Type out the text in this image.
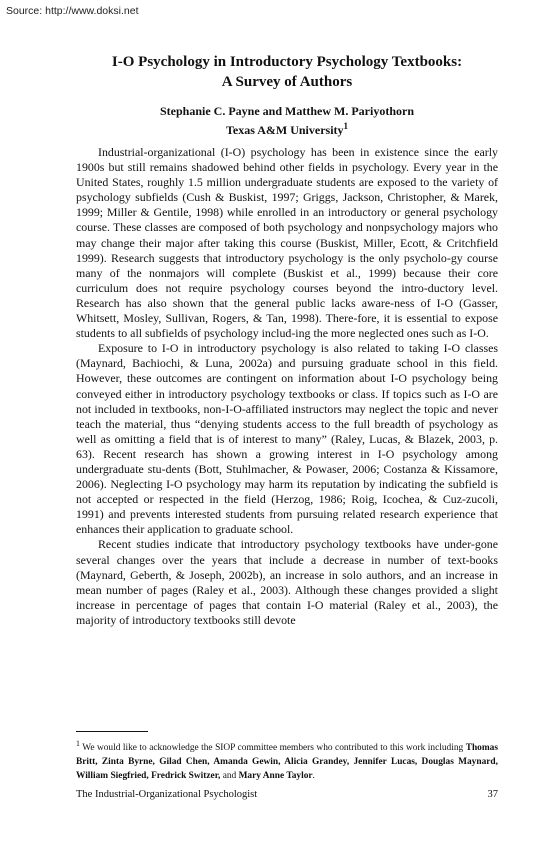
Source: http://www.doksi.net
I-O Psychology in Introductory Psychology Textbooks:
A Survey of Authors
Stephanie C. Payne and Matthew M. Pariyothorn
Texas A&M University$^1$

Industrial-organizational (I-O) psychology has been in existence since the early 1900s but still remains shadowed behind other fields in psychology. Every year in the United States, roughly 1.5 million undergraduate students are exposed to the variety of psychology subfields (Cush & Buskist, 1997; Griggs, Jackson, Christopher, & Marek, 1999; Miller & Gentile, 1998) while enrolled in an introductory or general psychology course. These classes are composed of both psychology and nonpsychology majors who may change their major after taking this course (Buskist, Miller, Ecott, & Critchfield 1999). Research suggests that introductory psychology is the only psycholo-gy course many of the nonmajors will complete (Buskist et al., 1999) because their core curriculum does not require psychology courses beyond the intro-ductory level. Research has also shown that the general public lacks aware-ness of I-O (Gasser, Whitsett, Mosley, Sullivan, Rogers, & Tan, 1998). There-fore, it is essential to expose students to all subfields of psychology includ-ing the more neglected ones such as I-O.

Exposure to I-O in introductory psychology is also related to taking I-O classes (Maynard, Bachiochi, & Luna, 2002a) and pursuing graduate school in this field. However, these outcomes are contingent on information about I-O psychology being conveyed either in introductory psychology textbooks or class. If topics such as I-O are not included in textbooks, non-I-O-affiliated instructors may neglect the topic and never teach the material, thus “denying students access to the full breadth of psychology as well as omitting a field that is of interest to many” (Raley, Lucas, & Blazek, 2003, p. 63). Recent research has shown a growing interest in I-O psychology among undergraduate stu-dents (Bott, Stuhlmacher, & Powaser, 2006; Costanza & Kissamore, 2006). Neglecting I-O psychology may harm its reputation by indicating the subfield is not accepted or respected in the field (Herzog, 1986; Roig, Icochea, & Cuz-zucoli, 1991) and prevents interested students from pursuing related research experience that enhances their application to graduate school.

Recent studies indicate that introductory psychology textbooks have under-gone several changes over the years that include a decrease in number of text-books (Maynard, Geberth, & Joseph, 2002b), an increase in solo authors, and an increase in mean number of pages (Raley et al., 2003). Although these changes provided a slight increase in percentage of pages that contain I-O material (Raley et al., 2003), the majority of introductory textbooks still devote

$^1$ We would like to acknowledge the SIOP committee members who contributed to this work including Thomas Britt, Zinta Byrne, Gilad Chen, Amanda Gewin, Alicia Grandey, Jennifer Lucas, Douglas Maynard, William Siegfried, Fredrick Switzer, and Mary Anne Taylor.
The Industrial-Organizational Psychologist	37
